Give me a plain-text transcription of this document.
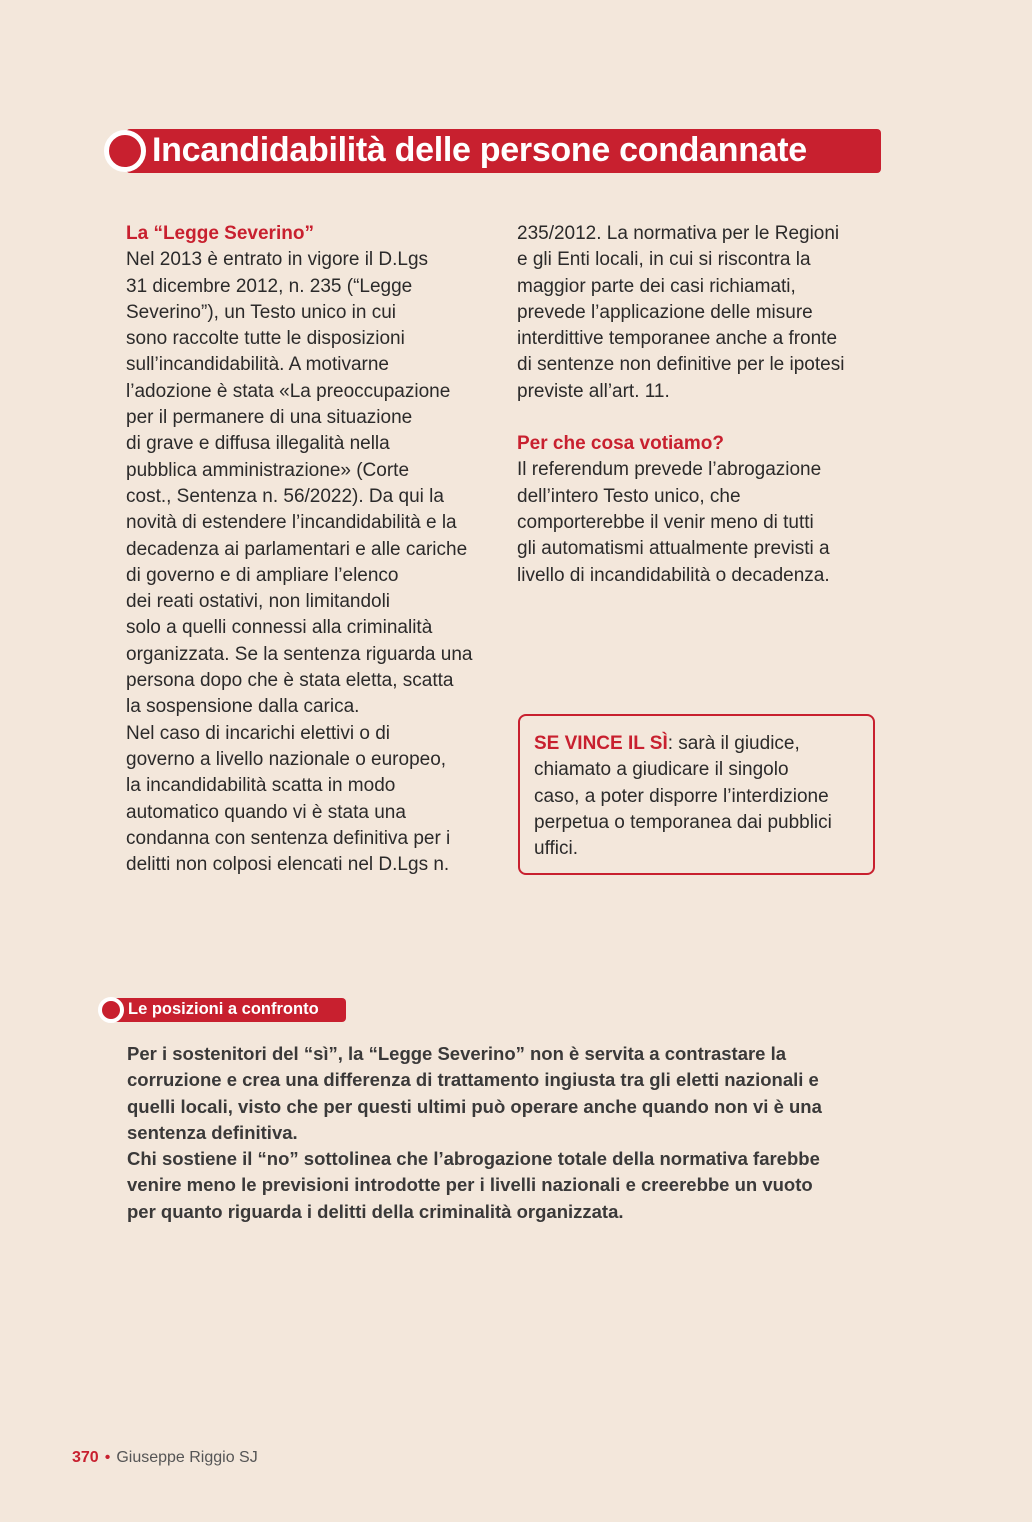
Incandidabilità delle persone condannate

La “Legge Severino”

Nel 2013 è entrato in vigore il D.Lgs

31 dicembre 2012, n. 235 (“Legge

Severino”), un Testo unico in cui

sono raccolte tutte le disposizioni

sull’incandidabilità. A motivarne

l’adozione è stata «La preoccupazione

per il permanere di una situazione

di grave e diffusa illegalità nella

pubblica amministrazione» (Corte

cost., Sentenza n. 56/2022). Da qui la

novità di estendere l’incandidabilità e la

decadenza ai parlamentari e alle cariche

di governo e di ampliare l’elenco

dei reati ostativi, non limitandoli

solo a quelli connessi alla criminalità

organizzata. Se la sentenza riguarda una

persona dopo che è stata eletta, scatta

la sospensione dalla carica.

Nel caso di incarichi elettivi o di

governo a livello nazionale o europeo,

la incandidabilità scatta in modo

automatico quando vi è stata una

condanna con sentenza definitiva per i

delitti non colposi elencati nel D.Lgs n.

235/2012. La normativa per le Regioni

e gli Enti locali, in cui si riscontra la

maggior parte dei casi richiamati,

prevede l’applicazione delle misure

interdittive temporanee anche a fronte

di sentenze non definitive per le ipotesi

previste all’art. 11.

Per che cosa votiamo?

Il referendum prevede l’abrogazione

dell’intero Testo unico, che

comporterebbe il venir meno di tutti

gli automatismi attualmente previsti a

livello di incandidabilità o decadenza.

SE VINCE IL SÌ: sarà il giudice,

chiamato a giudicare il singolo

caso, a poter disporre l’interdizione

perpetua o temporanea dai pubblici

uffici.

Le posizioni a confronto

Per i sostenitori del “sì”, la “Legge Severino” non è servita a contrastare la

corruzione e crea una differenza di trattamento ingiusta tra gli eletti nazionali e

quelli locali, visto che per questi ultimi può operare anche quando non vi è una

sentenza definitiva.

Chi sostiene il “no” sottolinea che l’abrogazione totale della normativa farebbe

venire meno le previsioni introdotte per i livelli nazionali e creerebbe un vuoto

per quanto riguarda i delitti della criminalità organizzata.

370 • Giuseppe Riggio SJ
